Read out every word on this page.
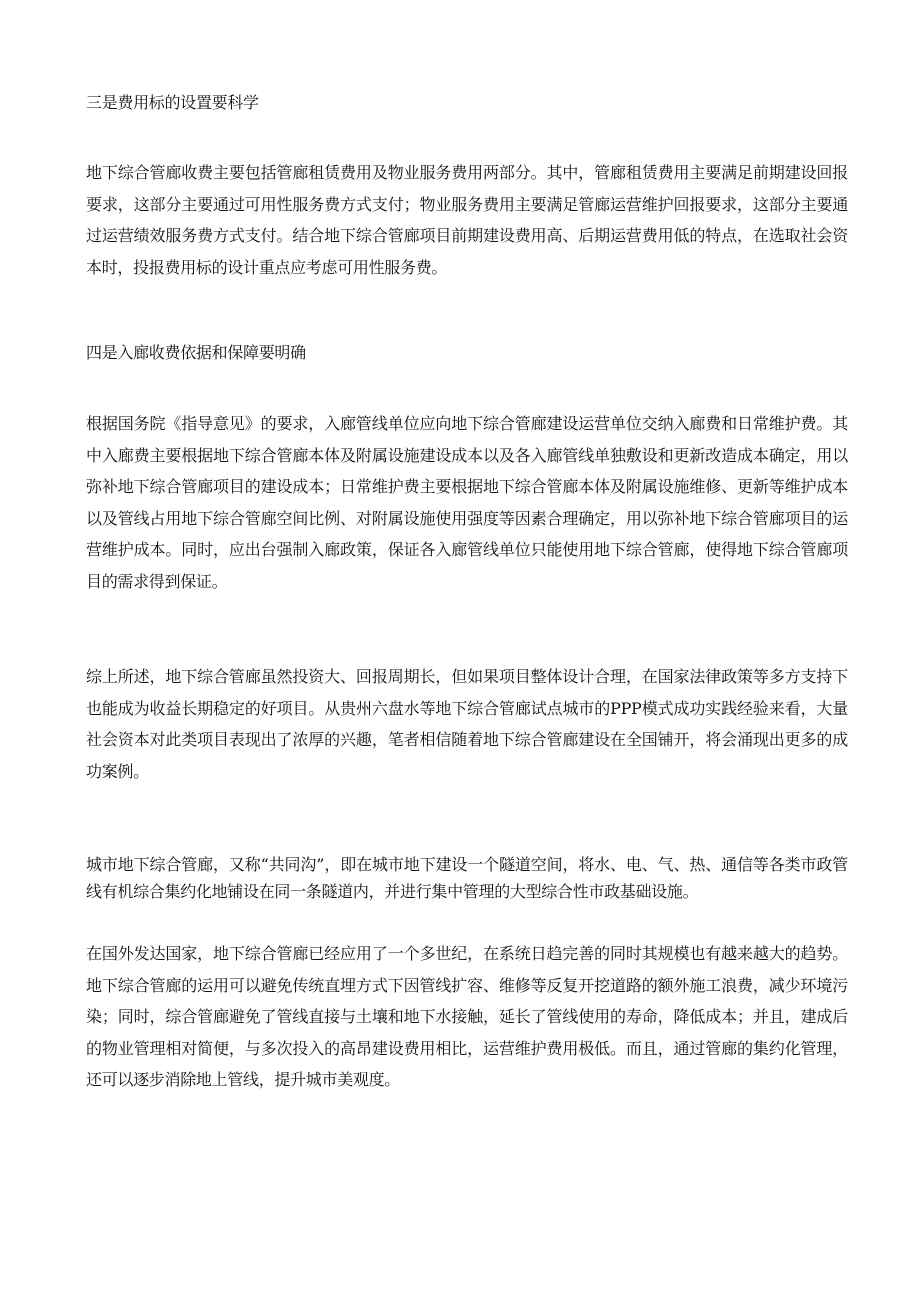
三是费用标的设置要科学

地下综合管廊收费主要包括管廊租赁费用及物业服务费用两部分。其中，管廊租赁费用主要满足前期建设回报要求，这部分主要通过可用性服务费方式支付；物业服务费用主要满足管廊运营维护回报要求，这部分主要通过运营绩效服务费方式支付。结合地下综合管廊项目前期建设费用高、后期运营费用低的特点，在选取社会资本时，投报费用标的设计重点应考虑可用性服务费。

四是入廊收费依据和保障要明确

根据国务院《指导意见》的要求，入廊管线单位应向地下综合管廊建设运营单位交纳入廊费和日常维护费。其中入廊费主要根据地下综合管廊本体及附属设施建设成本以及各入廊管线单独敷设和更新改造成本确定，用以弥补地下综合管廊项目的建设成本；日常维护费主要根据地下综合管廊本体及附属设施维修、更新等维护成本以及管线占用地下综合管廊空间比例、对附属设施使用强度等因素合理确定，用以弥补地下综合管廊项目的运营维护成本。同时，应出台强制入廊政策，保证各入廊管线单位只能使用地下综合管廊，使得地下综合管廊项目的需求得到保证。

综上所述，地下综合管廊虽然投资大、回报周期长，但如果项目整体设计合理，在国家法律政策等多方支持下也能成为收益长期稳定的好项目。从贵州六盘水等地下综合管廊试点城市的PPP模式成功实践经验来看，大量社会资本对此类项目表现出了浓厚的兴趣，笔者相信随着地下综合管廊建设在全国铺开，将会涌现出更多的成功案例。

城市地下综合管廊，又称“共同沟”，即在城市地下建设一个隧道空间，将水、电、气、热、通信等各类市政管线有机综合集约化地铺设在同一条隧道内，并进行集中管理的大型综合性市政基础设施。

在国外发达国家，地下综合管廊已经应用了一个多世纪，在系统日趋完善的同时其规模也有越来越大的趋势。地下综合管廊的运用可以避免传统直埋方式下因管线扩容、维修等反复开挖道路的额外施工浪费，减少环境污染；同时，综合管廊避免了管线直接与土壤和地下水接触，延长了管线使用的寿命，降低成本；并且，建成后的物业管理相对简便，与多次投入的高昂建设费用相比，运营维护费用极低。而且，通过管廊的集约化管理，还可以逐步消除地上管线，提升城市美观度。
